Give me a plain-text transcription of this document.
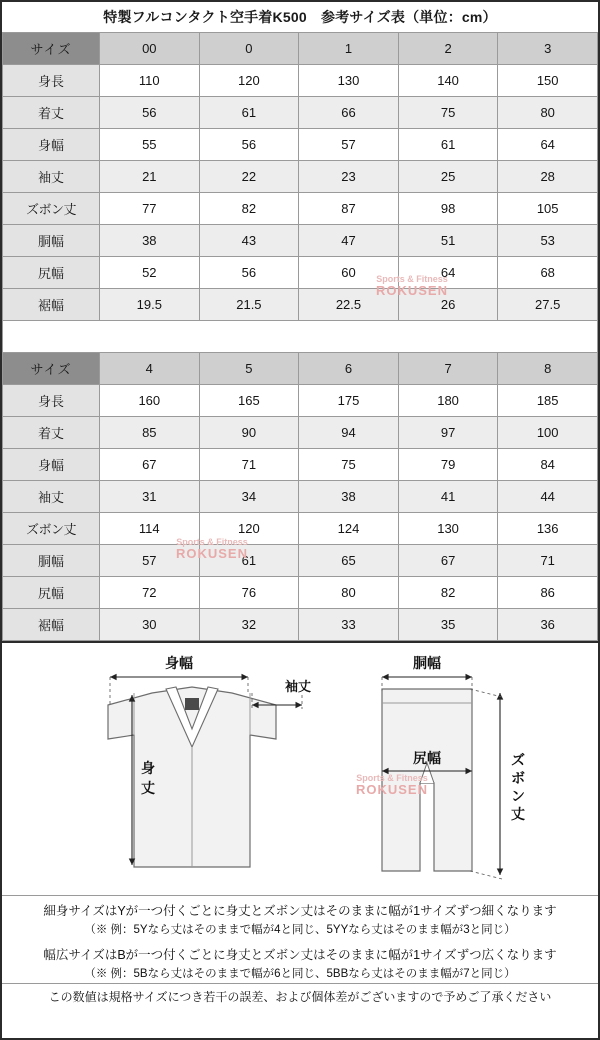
特製フルコンタクト空手着K500　参考サイズ表（単位：cm）
サイズ	00	0	1	2	3
身長	110	120	130	140	150
着丈	56	61	66	75	80
身幅	55	56	57	61	64
袖丈	21	22	23	25	28
ズボン丈	77	82	87	98	105
胴幅	38	43	47	51	53
尻幅	52	56	60	64	68
裾幅	19.5	21.5	22.5	26	27.5

サイズ	4	5	6	7	8
身長	160	165	175	180	185
着丈	85	90	94	97	100
身幅	67	71	75	79	84
袖丈	31	34	38	41	44
ズボン丈	114	120	124	130	136
胴幅	57	61	65	67	71
尻幅	72	76	80	82	86
裾幅	30	32	33	35	36
Sports & Fitness
ROKUSEN
Sports & Fitness
ROKUSEN
身幅
袖丈
身
丈
胴幅
尻幅	ズ
ボ
ン
丈
Sports & Fitness
ROKUSEN
細身サイズはYが一つ付くごとに身丈とズボン丈はそのままに幅が1サイズずつ細くなります
（※ 例：5Yなら丈はそのままで幅が4と同じ、5YYなら丈はそのまま幅が3と同じ）
幅広サイズはBが一つ付くごとに身丈とズボン丈はそのままに幅が1サイズずつ広くなります
（※ 例：5Bなら丈はそのままで幅が6と同じ、5BBなら丈はそのまま幅が7と同じ）
この数値は規格サイズにつき若干の誤差、および個体差がございますので予めご了承ください
